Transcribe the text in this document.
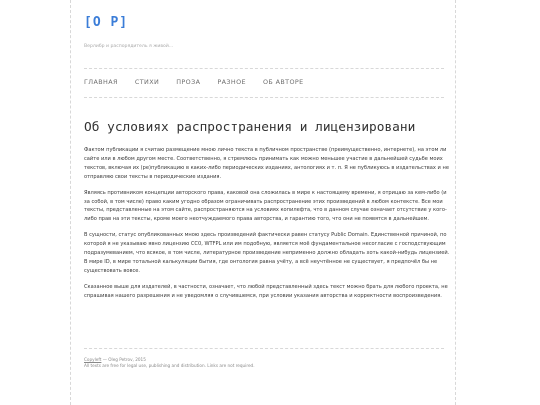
[O P]
Верлибр и распорядитель я живой...
ГЛАВНАЯ	СТИХИ	ПРОЗА	РАЗНОЕ	ОБ АВТОРЕ
Об условиях распространения и лицензировани

Фактом публикации я считаю размещение мною лично текста в публичном пространстве (преимущественно, интернете), на этом ли сайте или в любом другом месте. Соответственно, я стремлюсь принимать как можно меньшее участие в дальнейшей судьбе моих текстов, включая их (ре)публикацию в каких-либо периодических изданиях, антологиях и т. п. Я не публикуюсь в издательствах и не отправляю свои тексты в периодические издания.

Являясь противником концепции авторского права, каковой она сложилась в мире к настоящему времени, я отрицаю за кем-либо (и за собой, в том числе) право каким угодно образом ограничивать распространение этих произведений в любом контексте. Все мои тексты, представленные на этом сайте, распространяются на условиях копилефта, что в данном случае означает отсутствие у кого-либо прав на эти тексты, кроме моего неотчуждаемого права авторства, и гарантию того, что они не появятся в дальнейшем.

В сущности, статус опубликованных мною здесь произведений фактически равен статусу Public Domain. Единственной причиной, по которой я не указываю явно лицензию CC0, WTFPL или им подобную, является моё фундаментальное несогласие с господствующим подразумеванием, что всякое, в том числе, литературное произведение неприменно должно обладать хоть какой-нибудь лицензией. В мире ID, в мире тотальной калькуляции бытия, где онтология равна учёту, а всё неучтённое не существует, я предпочёл бы не существовать вовсе.

Сказанное выше для издателей, в частности, означает, что любой представленный здесь текст можно брать для любого проекта, не спрашивая нашего разрешения и не уведомляя о случившемся, при условии указания авторства и корректности воспроизведения.

Copyleft — Oleg Petrov, 2015
All texts are free for legal use, publishing and distribution. Links are not required.
